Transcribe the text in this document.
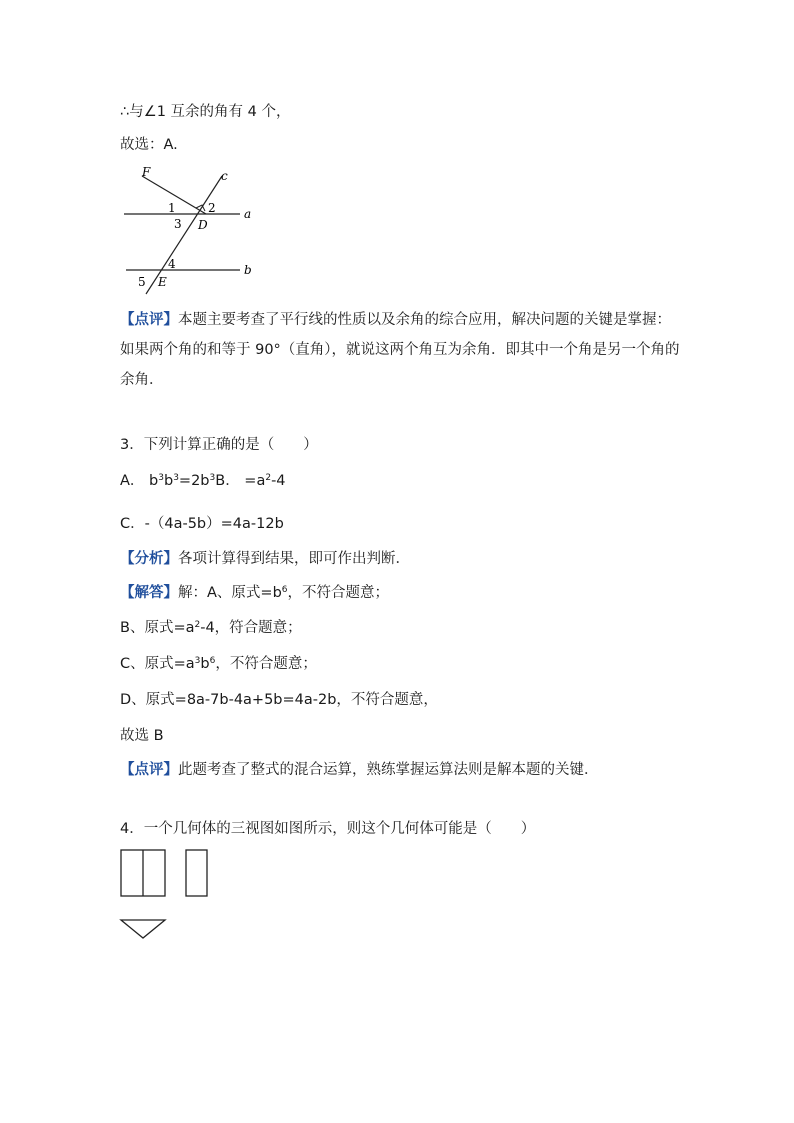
∴与∠1 互余的角有 4 个，
故选：A.
F	c
a
b
D
E
1	2
3
4
5
【点评】本题主要考查了平行线的性质以及余角的综合应用，解决问题的关键是掌握：如果两个角的和等于 90°（直角），就说这两个角互为余角．即其中一个角是另一个角的余角．
3．下列计算正确的是（　　）
A． $b^3b^3=2b^3B$． $=a^2-4$
C．-（4a-5b）=4a-12b
【分析】各项计算得到结果，即可作出判断．
【解答】解：A、原式$=b^6$，不符合题意；
B、原式$=a^2-4$，符合题意；
C、原式$=a^3b^6$，不符合题意；
D、原式=8a-7b-4a+5b=4a-2b，不符合题意，
故选 B
【点评】此题考查了整式的混合运算，熟练掌握运算法则是解本题的关键．
4．一个几何体的三视图如图所示，则这个几何体可能是（　　）
